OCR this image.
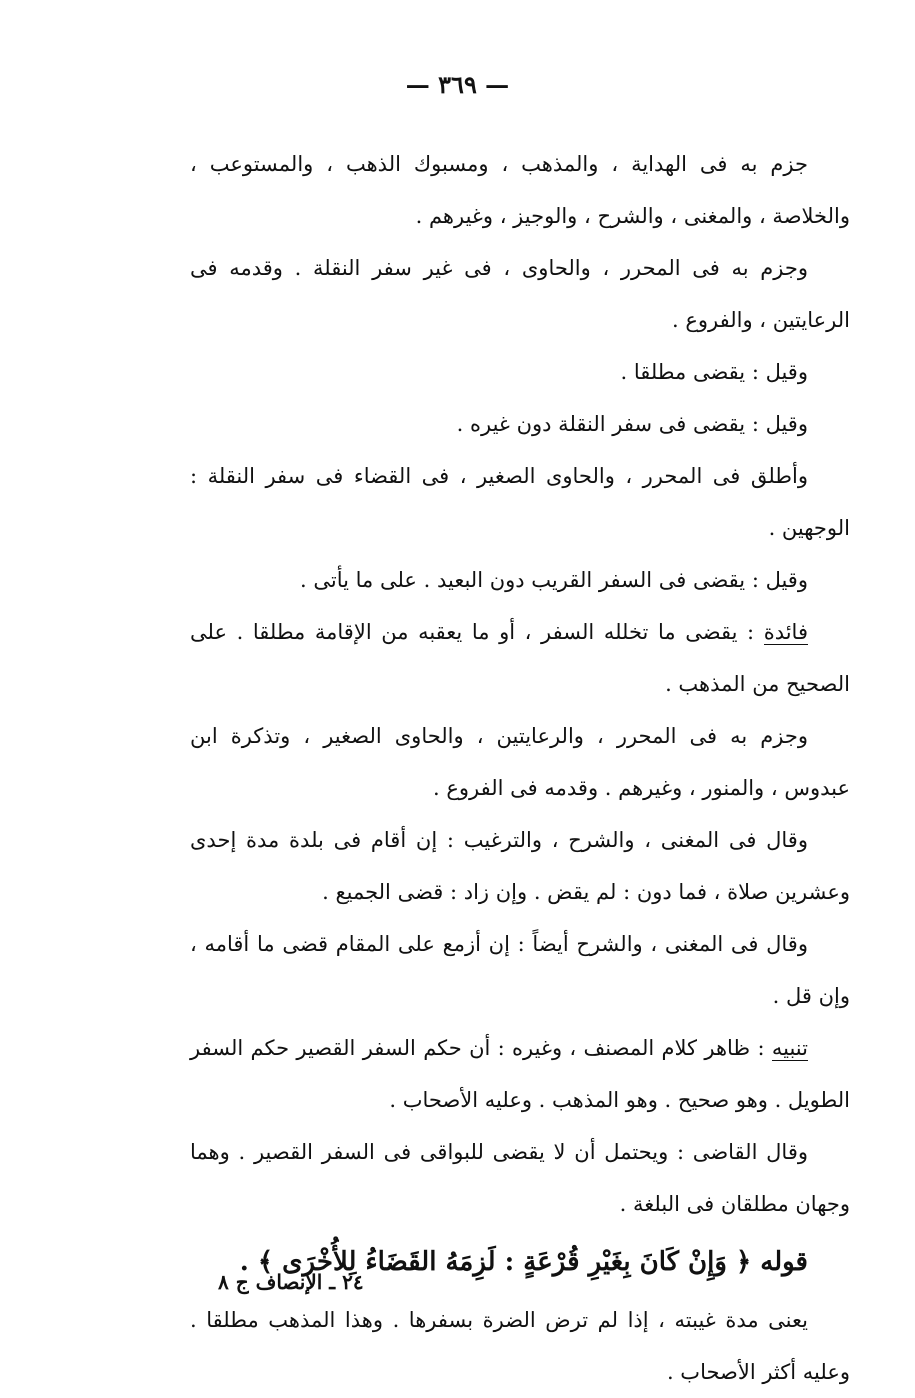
— ٣٦٩ —

جزم به فى الهداية ، والمذهب ، ومسبوك الذهب ، والمستوعب ، والخلاصة ، والمغنى ، والشرح ، والوجيز ، وغيرهم .

وجزم به فى المحرر ، والحاوى ، فى غير سفر النقلة . وقدمه فى الرعايتين ، والفروع .

وقيل : يقضى مطلقا .

وقيل : يقضى فى سفر النقلة دون غيره .

وأطلق فى المحرر ، والحاوى الصغير ، فى القضاء فى سفر النقلة : الوجهين .

وقيل : يقضى فى السفر القريب دون البعيد . على ما يأتى .

فائدة : يقضى ما تخلله السفر ، أو ما يعقبه من الإقامة مطلقا . على الصحيح من المذهب .

وجزم به فى المحرر ، والرعايتين ، والحاوى الصغير ، وتذكرة ابن عبدوس ، والمنور ، وغيرهم . وقدمه فى الفروع .

وقال فى المغنى ، والشرح ، والترغيب : إن أقام فى بلدة مدة إحدى وعشرين صلاة ، فما دون : لم يقض . وإن زاد : قضى الجميع .

وقال فى المغنى ، والشرح أيضاً : إن أزمع على المقام قضى ما أقامه ، وإن قل .

تنبيه : ظاهر كلام المصنف ، وغيره : أن حكم السفر القصير حكم السفر الطويل . وهو صحيح . وهو المذهب . وعليه الأصحاب .

وقال القاضى : ويحتمل أن لا يقضى للبواقى فى السفر القصير . وهما وجهان مطلقان فى البلغة .

قوله ﴿ وَإِنْ كَانَ بِغَيْرِ قُرْعَةٍ : لَزِمَهُ القَضَاءُ لِلأُخْرَى ﴾ .

يعنى مدة غيبته ، إذا لم ترض الضرة بسفرها . وهذا المذهب مطلقا . وعليه أكثر الأصحاب .

٢٤ ـ الإنصاف ج ٨
